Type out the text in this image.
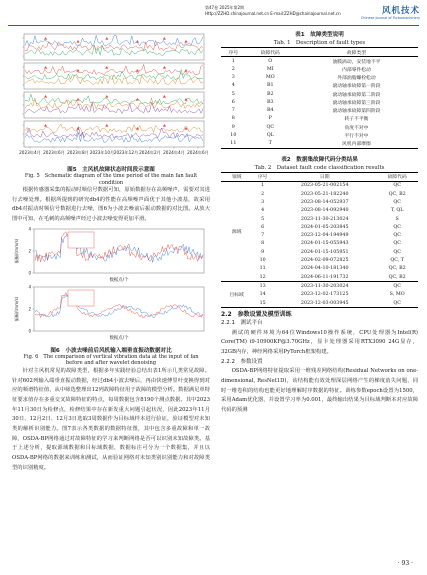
第47卷 2025年第2期
Http://ZZHD.chinajournal.net.cn E-mail:ZZHD@chainajournal.net.cn	风机技术
Chinese Journal of Turbomachinery
2023年4月 2023年6月 2023年8月 2023年10月 2023年12月 2024年2月 2024年4月 2024年6月
图5　主风机故障状态时间段示意图
Fig. 5　Schematic diagram of the time period of the main fan fault condition

根据传感器采集的振动时频信号数据可知，原始数据存在高频噪声，需要对其进行去噪处理。根据所提到的研究db4的性能在高频噪声面优于其他小波基，故采用db4对振动时频信号数据进行去噪，图6为小波去噪前后振动数据的对比图。从放大图中可知，在毛刺的高频噪声经过小波去噪变得更加平滑。

0
2
4
振幅/(mm/s)
数据点/个
0
2
4
振幅/(mm/s)
数据点/个
图6　小波去噪前后风机输入端垂直振动数据对比
Fig. 6　The comparison of vertical vibration data at the input of fan before and after wavelet denoising

针对主风机常见的故障类型，根据多年实践经验总结出表1所示几类常见故障。针对602列输入端垂直振动数据，经过db4小波去噪后，再由快速傅里叶变换得到对应的频谱特征值，从中筛选整理出12列故障特征用于故障的模型分析。数据满足单特征要求值存在多重交叉故障特征的特点，每周数据包含8190个测点数据。其中2023年11月30日为检修点，检修结果中存在新发重大问题引起状况，因此2023年11月30日、12月2日、12月3日选取3周数据作为目标域样本进行验证，验证模型对未知类的解析识别能力。图7表示各类数据的数据特征图，其中包含多重故障和单一故障，OSDA-BP网络通过对故障特征的学习来判断网络是否可以识别未知故障类。基于上述分析，提取源域数据和目标域数据，数据标注可分为一个数据集，并且以OSDA-BP网络的数据来训练和测试，从而验证网络对未知类别识别能力和对故障类型的识别精度。

表1　故障类型说明
Tab. 1　Description of fault types
序号	故障代码	故障类型
1	O	油膜涡动，安装地不平
2	MI	内部零件松动
3	MO	外部油脂螺栓松动
4	B1	滚动轴承故障第一阶段
5	B2	滚动轴承故障第二阶段
6	B3	滚动轴承故障第三阶段
7	B4	滚动轴承故障第四阶段
8	P	转子不平衡
9	QC	角度不对中
10	QL	平行不对中
11	T	风机内部摩擦
表2　数据集故障代码分类结果
Tab. 2　Dataset fault code classification results
领域	序号	日期	故障代码
源域	1	2023-05-21-002154	QC
	2	2023-05-21-182240	QC, B2
	3	2023-08-14-052937	QC
	4	2023-08-14-092940	T, QL
	5	2023-11-30-213024	S
	6	2024-01-05-203845	QC
	7	2023-12-04-194949	QC
	8	2024-01-15-055943	QC
	9	2024-01-15-105951	QC
	10	2024-02-09-072825	QC, T
	11	2024-04-10-181340	QC, B2
	12	2024-06-11-191732	QC, B2
目标域	13	2023-11-30-203024	QC
	14	2023-12-02-173125	S, MO
	15	2023-12-03-003945	QC
2.2　参数设置及模型训练
2.2.1　测试平台

测试的硬件环境为64位Windows10操作系统，CPU处理器为Intel(R) Core(TM) i9-10900KF@3.70GHz，显卡处理器采用RTX3090 24G显存，32GB内存，神经网络采用PyTorch框架构建。

2.2.2　参数设置

OSDA-BP网络特征提取采用一维残差网络结构(Residual Networks on one-dimensional, ResNet1D)，该结构能有效处理深层网络产生的梯度消失问题，同时一维卷积的结构也能更好地理解时序数据的特征。训练参数epoch设置为1500，采用Adam优化器，并设置学习率为0.001，最终输出结果为目标域判断本对应故障代码的预测

· 93 ·
